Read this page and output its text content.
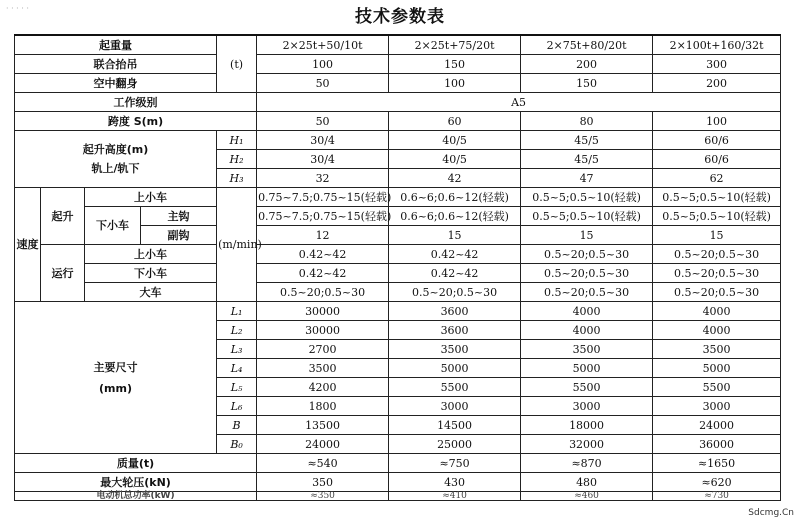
· · · · ·	技术参数表
起重量				(t)	2×25t+50/10t	2×25t+75/20t	2×75t+80/20t	2×100t+160/32t
联合抬吊					100	150	200	300
空中翻身					50	100	150	200
工作级别					A5			
跨度 S(m)					50	60	80	100

起升高度(m)
轨上/轨下				H₁	30/4	40/5	45/5	60/6
				H₂	30/4	40/5	45/5	60/6
				H₃	32	42	47	62
速度	起升	上小车		(m/min)	0.75~7.5;0.75~15(轻载)	0.6~6;0.6~12(轻载)	0.5~5;0.5~10(轻载)	0.5~5;0.5~10(轻载)
		下小车	主钩		0.75~7.5;0.75~15(轻载)	0.6~6;0.6~12(轻载)	0.5~5;0.5~10(轻载)	0.5~5;0.5~10(轻载)
			副钩		12	15	15	15
	运行	上小车			0.42~42	0.42~42	0.5~20;0.5~30	0.5~20;0.5~30
		下小车			0.42~42	0.42~42	0.5~20;0.5~30	0.5~20;0.5~30
		大车			0.5~20;0.5~30	0.5~20;0.5~30	0.5~20;0.5~30	0.5~20;0.5~30

主要尺寸
(mm)				L₁	30000	3600	4000	4000
				L₂	30000	3600	4000	4000
				L₃	2700	3500	3500	3500
				L₄	3500	5000	5000	5000
				L₅	4200	5500	5500	5500
				L₆	1800	3000	3000	3000
				B	13500	14500	18000	24000
				B₀	24000	25000	32000	36000
质量(t)					≈540	≈750	≈870	≈1650
最大轮压(kN)					350	430	480	≈620
电动机总功率(kW)					≈350	≈410	≈460	≈730
Sdcmg.Cn
